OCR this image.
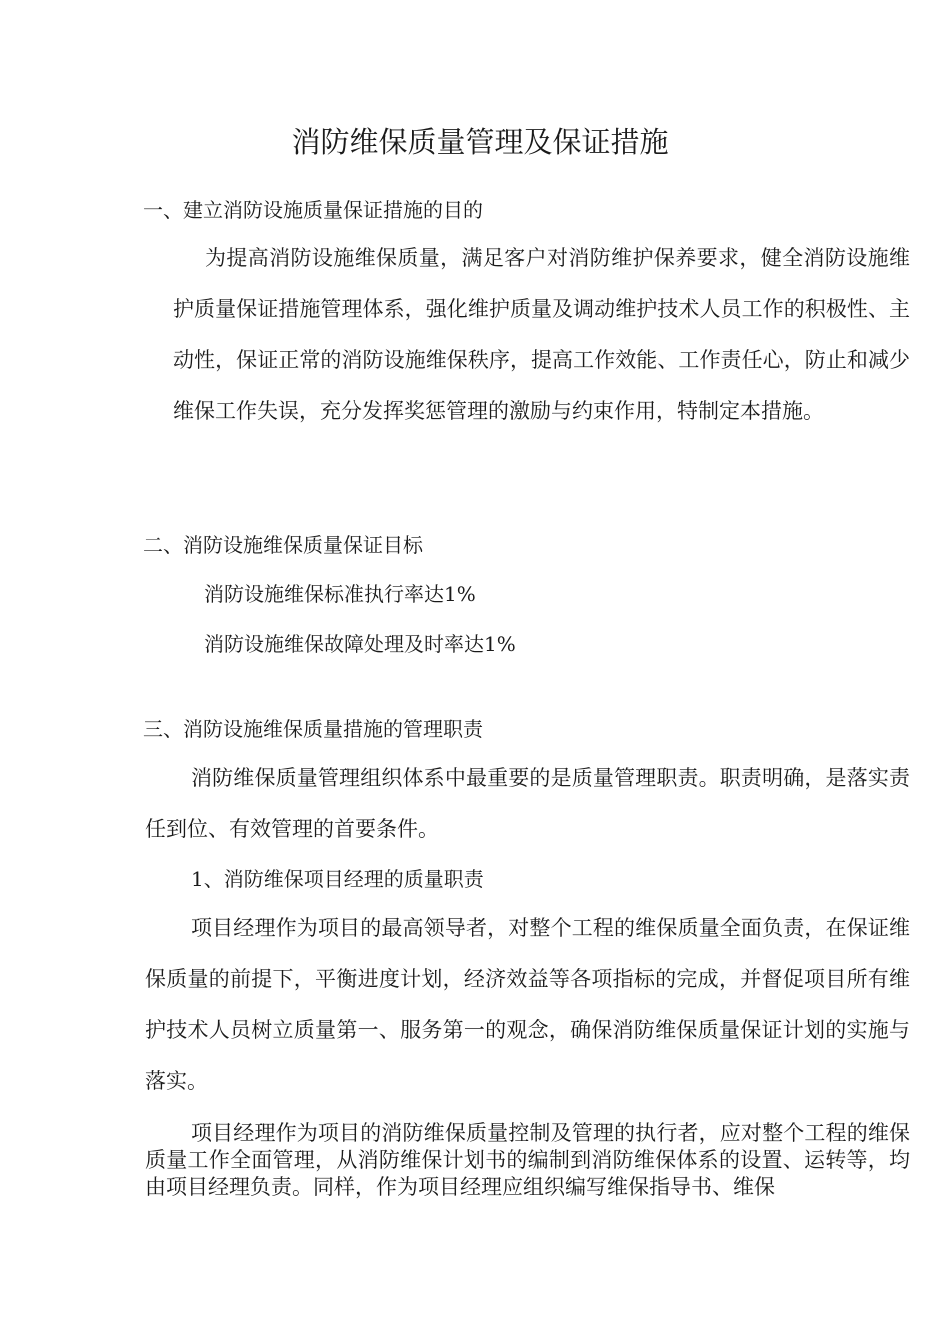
消防维保质量管理及保证措施
一、建立消防设施质量保证措施的目的
为提高消防设施维保质量，满足客户对消防维护保养要求，健全消防设施维护质量保证措施管理体系，强化维护质量及调动维护技术人员工作的积极性、主动性，保证正常的消防设施维保秩序，提高工作效能、工作责任心，防止和减少维保工作失误，充分发挥奖惩管理的激励与约束作用，特制定本措施。
二、消防设施维保质量保证目标
消防设施维保标准执行率达1%
消防设施维保故障处理及时率达1%
三、消防设施维保质量措施的管理职责
消防维保质量管理组织体系中最重要的是质量管理职责。职责明确，是落实责任到位、有效管理的首要条件。
1、消防维保项目经理的质量职责
项目经理作为项目的最高领导者，对整个工程的维保质量全面负责，在保证维保质量的前提下，平衡进度计划，经济效益等各项指标的完成，并督促项目所有维护技术人员树立质量第一、服务第一的观念，确保消防维保质量保证计划的实施与落实。
项目经理作为项目的消防维保质量控制及管理的执行者，应对整个工程的维保质量工作全面管理，从消防维保计划书的编制到消防维保体系的设置、运转等，均由项目经理负责。同样，作为项目经理应组织编写维保指导书、维保
